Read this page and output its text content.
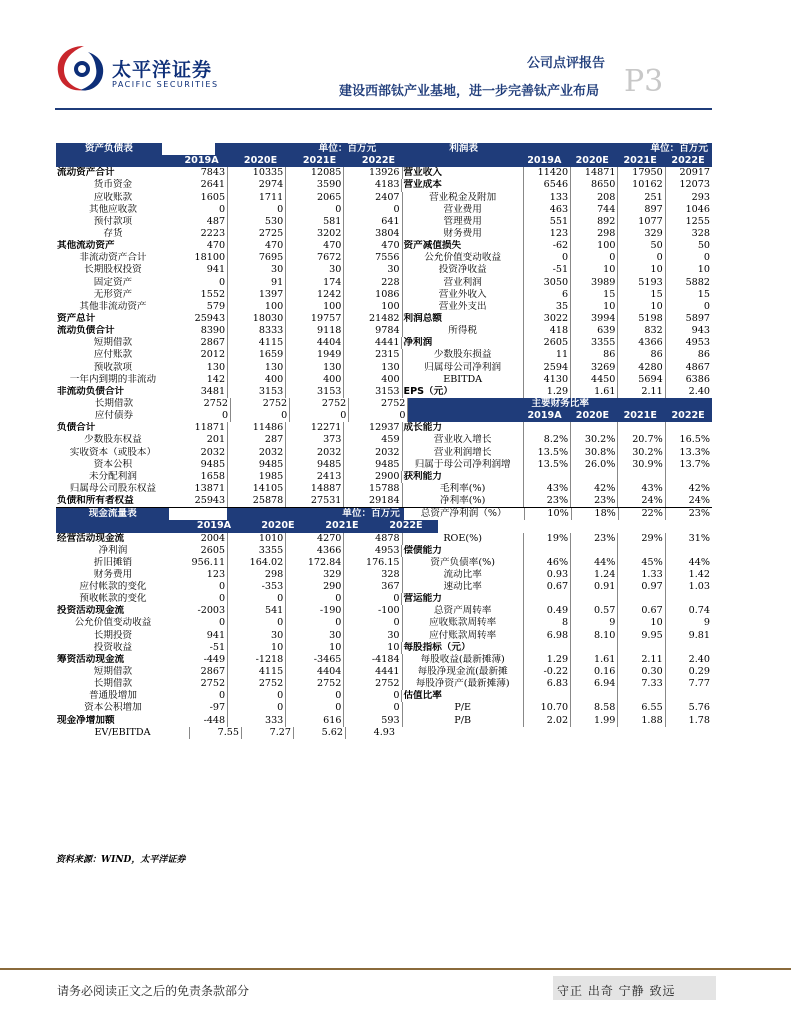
太平洋证券
PACIFIC SECURITIES
公司点评报告
建设西部钛产业基地，进一步完善钛产业布局 P3
资产负债表	单位：百万元	利润表	单位：百万元
2019A	2020E	2021E	2022E	2019A	2020E	2021E	2022E
流动资产合计	7843	10335	12085	13926 营业收入	11420	14871	17950	20917
货币资金	2641	2974	3590	4183 营业成本	6546	8650	10162	12073
应收账款	1605	1711	2065	2407	营业税金及附加	133	208	251	293
其他应收款	0	0	0	0	营业费用	463	744	897	1046
预付款项	487	530	581	641	管理费用	551	892	1077	1255
存货	2223	2725	3202	3804	财务费用	123	298	329	328
其他流动资产	470	470	470	470 资产减值损失	-62	100	50	50
非流动资产合计	18100	7695	7672	7556	公允价值变动收益	0	0	0	0
长期股权投资	941	30	30	30	投资净收益	-51	10	10	10
固定资产	0	91	174	228	营业利润	3050	3989	5193	5882
无形资产	1552	1397	1242	1086	营业外收入	6	15	15	15
其他非流动资产	579	100	100	100	营业外支出	35	10	10	0
资产总计	25943	18030	19757	21482 利润总额	3022	3994	5198	5897
流动负债合计	8390	8333	9118	9784	所得税	418	639	832	943
短期借款	2867	4115	4404	4441 净利润	2605	3355	4366	4953
应付账款	2012	1659	1949	2315	少数股东损益	11	86	86	86
预收款项	130	130	130	130	归属母公司净利润	2594	3269	4280	4867
一年内到期的非流动	142	400	400	400	EBITDA	4130	4450	5694	6386
非流动负债合计	3481	3153	3153	3153 EPS（元）	1.29	1.61	2.11	2.40
长期借款	2752	2752	2752	2752	主要财务比率
应付债券	0	0	0	0	2019A	2020E	2021E	2022E
负债合计	11871	11486	12271	12937 成长能力
少数股东权益	201	287	373	459	营业收入增长	8.2%	30.2%	20.7%	16.5%
实收资本（或股本）	2032	2032	2032	2032	营业利润增长	13.5%	30.8%	30.2%	13.3%
资本公积	9485	9485	9485	9485	归属于母公司净利润增	13.5%	26.0%	30.9%	13.7%
未分配利润	1658	1985	2413	2900 获利能力
归属母公司股东权益	13871	14105	14887	15788	毛利率(%)	43%	42%	43%	42%
负债和所有者权益	25943	25878	27531	29184	净利率(%)	23%	23%	24%	24%
现金流量表	单位：百万元	总资产净利润（%）	10%	18%	22%	23%
2019A	2020E	2021E	2022E
经营活动现金流	2004	1010	4270	4878	ROE(%)	19%	23%	29%	31%
净利润	2605	3355	4366	4953 偿债能力
折旧摊销	956.11	164.02	172.84	176.15	资产负债率(%)	46%	44%	45%	44%
财务费用	123	298	329	328	流动比率	0.93	1.24	1.33	1.42
应付帐款的变化	0	-353	290	367	速动比率	0.67	0.91	0.97	1.03
预收帐款的变化	0	0	0	0 营运能力
投资活动现金流	-2003	541	-190	-100	总资产周转率	0.49	0.57	0.67	0.74
公允价值变动收益	0	0	0	0	应收账款周转率	8	9	10	9
长期投资	941	30	30	30	应付账款周转率	6.98	8.10	9.95	9.81
投资收益	-51	10	10	10 每股指标（元）
筹资活动现金流	-449	-1218	-3465	-4184	每股收益(最新摊薄)	1.29	1.61	2.11	2.40
短期借款	2867	4115	4404	4441	每股净现金流(最新摊	-0.22	0.16	0.30	0.29
长期借款	2752	2752	2752	2752	每股净资产(最新摊薄)	6.83	6.94	7.33	7.77
普通股增加	0	0	0	0 估值比率
资本公积增加	-97	0	0	0	P/E	10.70	8.58	6.55	5.76
现金净增加额	-448	333	616	593	P/B	2.02	1.99	1.88	1.78
EV/EBITDA	7.55	7.27	5.62	4.93
资料来源：WIND，太平洋证券
请务必阅读正文之后的免责条款部分	守正 出奇 宁静 致远
